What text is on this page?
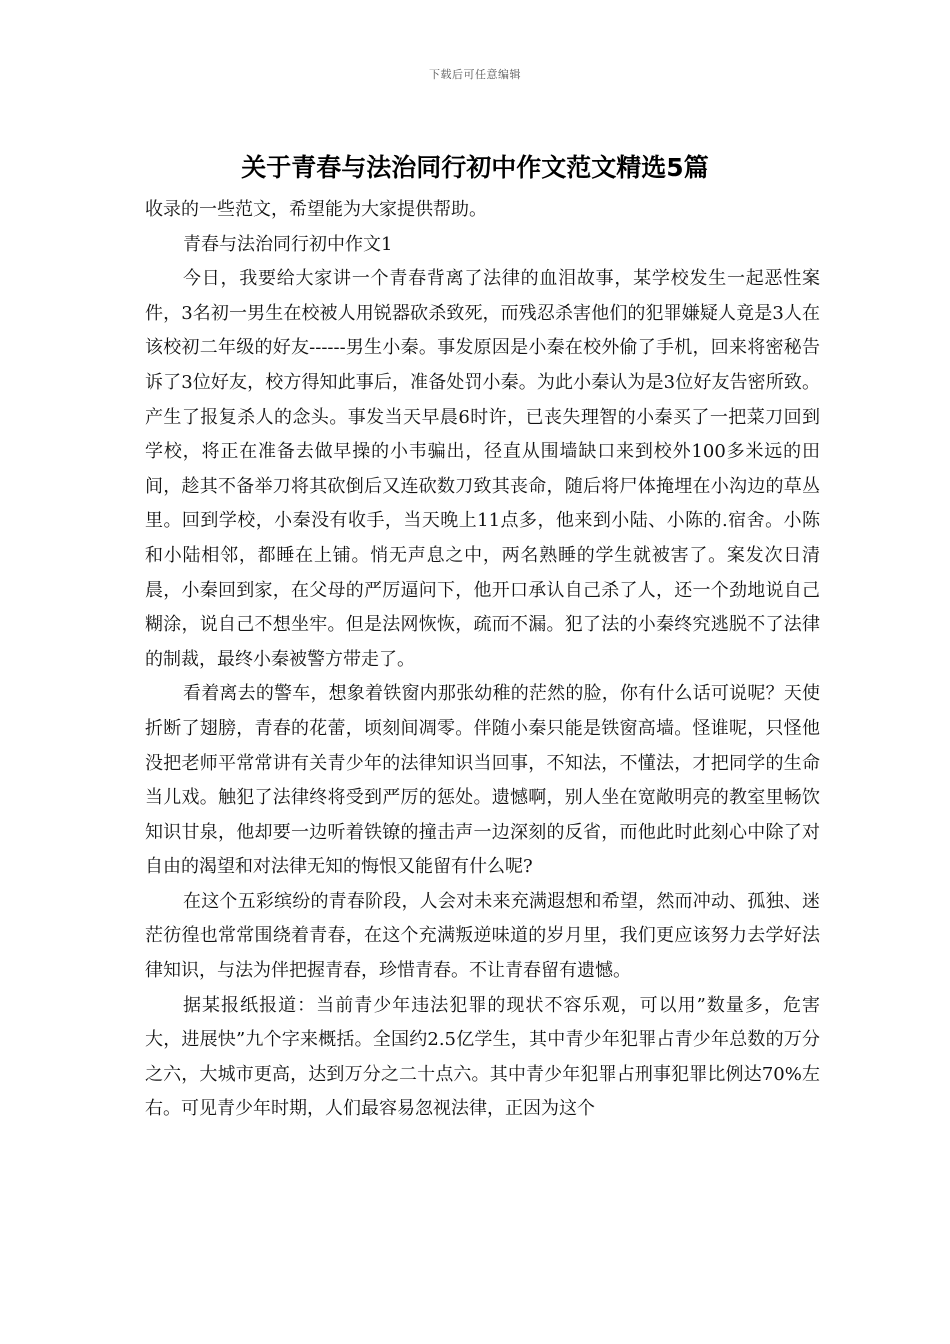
下载后可任意编辑
关于青春与法治同行初中作文范文精选5篇

收录的一些范文，希望能为大家提供帮助。

青春与法治同行初中作文1

今日，我要给大家讲一个青春背离了法律的血泪故事，某学校发生一起恶性案件，3名初一男生在校被人用锐器砍杀致死，而残忍杀害他们的犯罪嫌疑人竟是3人在该校初二年级的好友------男生小秦。事发原因是小秦在校外偷了手机，回来将密秘告诉了3位好友，校方得知此事后，准备处罚小秦。为此小秦认为是3位好友告密所致。产生了报复杀人的念头。事发当天早晨6时许，已丧失理智的小秦买了一把菜刀回到学校，将正在准备去做早操的小韦骗出，径直从围墙缺口来到校外100多米远的田间，趁其不备举刀将其砍倒后又连砍数刀致其丧命，随后将尸体掩埋在小沟边的草丛里。回到学校，小秦没有收手，当天晚上11点多，他来到小陆、小陈的.宿舍。小陈和小陆相邻，都睡在上铺。悄无声息之中，两名熟睡的学生就被害了。案发次日清晨，小秦回到家，在父母的严厉逼问下，他开口承认自己杀了人，还一个劲地说自己糊涂，说自己不想坐牢。但是法网恢恢，疏而不漏。犯了法的小秦终究逃脱不了法律的制裁，最终小秦被警方带走了。

看着离去的警车，想象着铁窗内那张幼稚的茫然的脸，你有什么话可说呢？天使折断了翅膀，青春的花蕾，顷刻间凋零。伴随小秦只能是铁窗高墙。怪谁呢，只怪他没把老师平常常讲有关青少年的法律知识当回事，不知法，不懂法，才把同学的生命当儿戏。触犯了法律终将受到严厉的惩处。遗憾啊，别人坐在宽敞明亮的教室里畅饮知识甘泉，他却要一边听着铁镣的撞击声一边深刻的反省，而他此时此刻心中除了对自由的渴望和对法律无知的悔恨又能留有什么呢?

在这个五彩缤纷的青春阶段，人会对未来充满遐想和希望，然而冲动、孤独、迷茫彷徨也常常围绕着青春，在这个充满叛逆味道的岁月里，我们更应该努力去学好法律知识，与法为伴把握青春，珍惜青春。不让青春留有遗憾。

据某报纸报道：当前青少年违法犯罪的现状不容乐观，可以用”数量多，危害大，进展快”九个字来概括。全国约2.5亿学生，其中青少年犯罪占青少年总数的万分之六，大城市更高，达到万分之二十点六。其中青少年犯罪占刑事犯罪比例达70%左右。可见青少年时期，人们最容易忽视法律，正因为这个
